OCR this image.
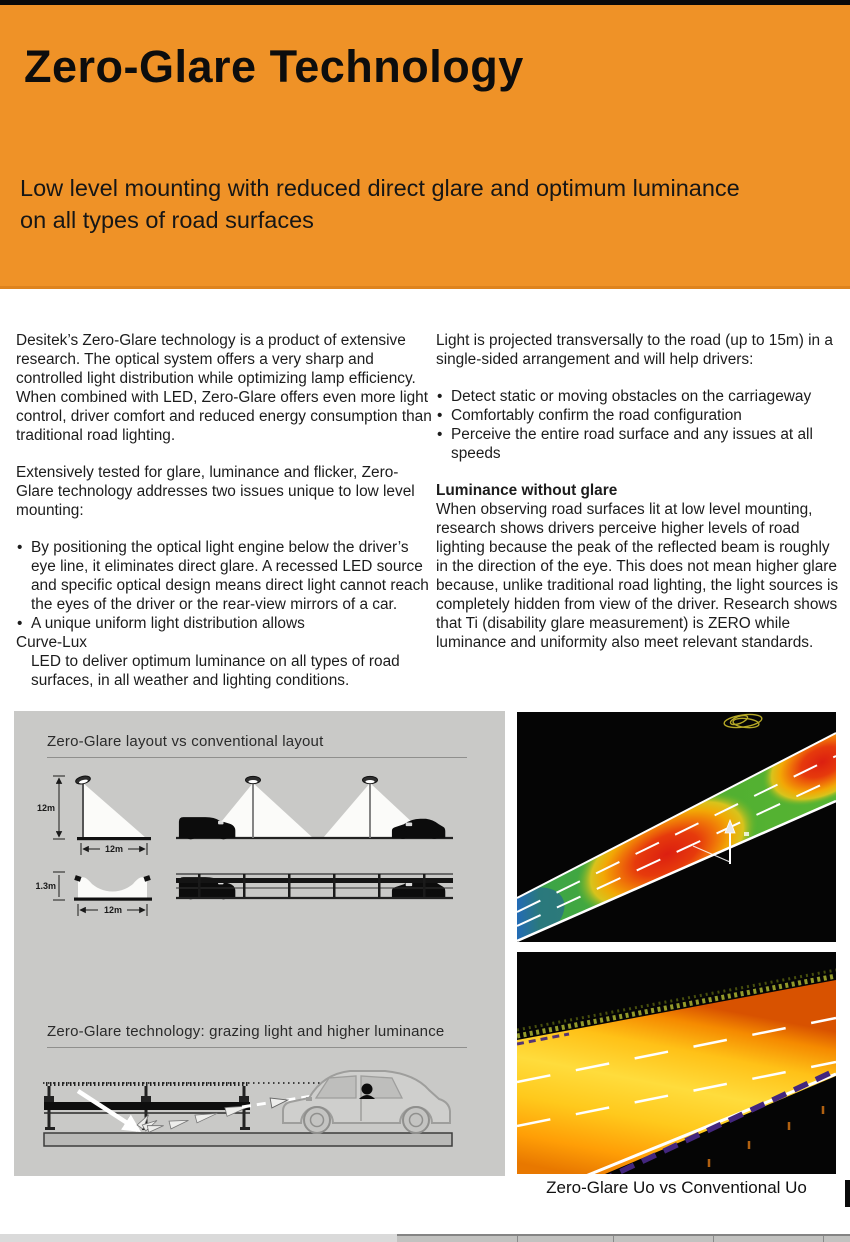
Zero-Glare Technology
Low level mounting with reduced direct glare and optimum luminance
on all types of road surfaces

Desitek’s Zero-Glare technology is a product of extensive research. The optical system offers a very sharp and controlled light distribution while optimizing lamp efficiency. When combined with LED, Zero-Glare offers even more light control, driver comfort and reduced energy consumption than traditional road lighting.

Extensively tested for glare, luminance and flicker, Zero-Glare technology addresses two issues unique to low level mounting:

• By positioning the optical light engine below the driver’s eye line, it eliminates direct glare. A recessed LED source and specific optical design means direct light cannot reach the eyes of the driver or the rear-view mirrors of a car.
• A unique uniform light distribution allows
Curve-Lux
LED to deliver optimum luminance on all types of road surfaces, in all weather and lighting conditions.

Light is projected transversally to the road (up to 15m) in a single-sided arrangement and will help drivers:

• Detect static or moving obstacles on the carriageway
• Comfortably confirm the road configuration
• Perceive the entire road surface and any issues at all speeds
Luminance without glare

When observing road surfaces lit at low level mounting, research shows drivers perceive higher levels of road lighting because the peak of the reflected beam is roughly in the direction of the eye. This does not mean higher glare because, unlike traditional road lighting, the light sources is completely hidden from view of the driver. Research shows that Ti (disability glare measurement) is ZERO while luminance and uniformity also meet relevant standards.

Zero-Glare layout vs conventional layout
12m
12m
1.3m
12m
Zero-Glare technology: grazing light and higher luminance
Zero-Glare Uo vs Conventional Uo
